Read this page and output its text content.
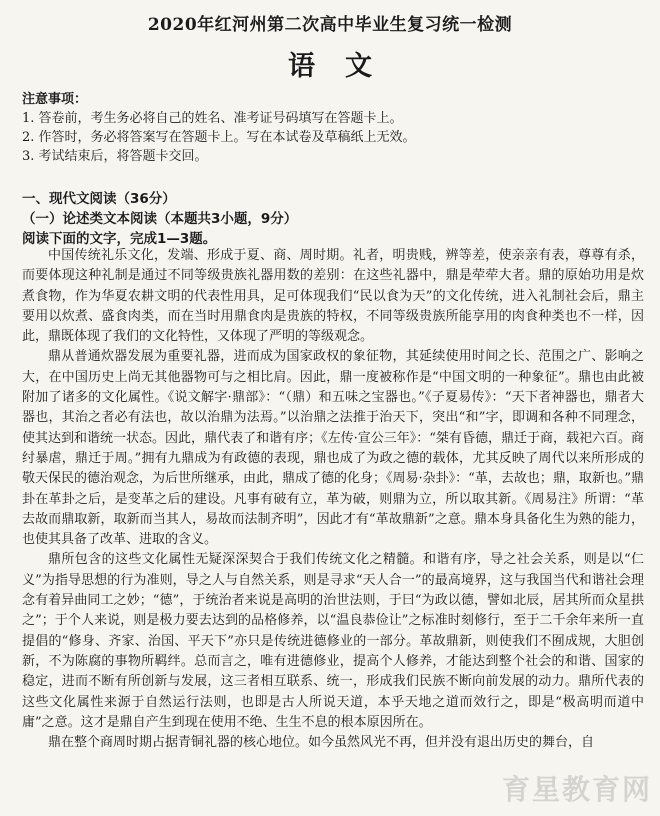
2020年红河州第二次高中毕业生复习统一检测
语文
注意事项：
1. 答卷前，考生务必将自己的姓名、准考证号码填写在答题卡上。
2. 作答时，务必将答案写在答题卡上。写在本试卷及草稿纸上无效。
3. 考试结束后，将答题卡交回。
一、现代文阅读（36分）
（一）论述类文本阅读（本题共3小题，9分）
阅读下面的文字，完成1—3题。

中国传统礼乐文化，发端、形成于夏、商、周时期。礼者，明贵贱，辨等差，使亲亲有表，尊尊有杀，而要体现这种礼制是通过不同等级贵族礼器用数的差别：在这些礼器中，鼎是荦荦大者。鼎的原始功用是炊煮食物，作为华夏农耕文明的代表性用具，足可体现我们“民以食为天”的文化传统，进入礼制社会后，鼎主要用以炊煮、盛食肉类，而在当时用鼎食肉是贵族的特权，不同等级贵族所能享用的肉食种类也不一样，因此，鼎既体现了我们的文化特性，又体现了严明的等级观念。

鼎从普通炊器发展为重要礼器，进而成为国家政权的象征物，其延续使用时间之长、范围之广、影响之大，在中国历史上尚无其他器物可与之相比肩。因此，鼎一度被称作是“中国文明的一种象征”。鼎也由此被附加了诸多的文化属性。《说文解字·鼎部》：“（鼎）和五味之宝器也。”《子夏易传》：“天下者神器也，鼎者大器也，其治之者必有法也，故以治鼎为法焉。”以治鼎之法推于治天下，突出“和”字，即调和各种不同理念，使其达到和谐统一状态。因此，鼎代表了和谐有序；《左传·宣公三年》：“桀有昏德，鼎迁于商，载祀六百。商纣暴虐，鼎迁于周。”拥有九鼎成为有政德的表现，鼎也成了为政之德的载体，尤其反映了周代以来所形成的敬天保民的德治观念，为后世所继承，由此，鼎成了德的化身；《周易·杂卦》：“革，去故也；鼎，取新也。”鼎卦在革卦之后，是变革之后的建设。凡事有破有立，革为破，则鼎为立，所以取其新。《周易注》所谓：“革去故而鼎取新，取新而当其人，易故而法制齐明”，因此才有“革故鼎新”之意。鼎本身具备化生为熟的能力，也使其具备了改革、进取的含义。

鼎所包含的这些文化属性无疑深深契合于我们传统文化之精髓。和谐有序，导之社会关系，则是以“仁义”为指导思想的行为准则，导之人与自然关系，则是寻求“天人合一”的最高境界，这与我国当代和谐社会理念有着异曲同工之妙；“德”，于统治者来说是高明的治世法则，于曰“为政以德，譬如北辰，居其所而众星拱之”；于个人来说，则是极力要去达到的品格修养，以“温良恭俭让”之标准时刻修行，至于二千余年来所一直提倡的“修身、齐家、治国、平天下”亦只是传统进德修业的一部分。革故鼎新，则使我们不囿成规，大胆创新，不为陈腐的事物所羁绊。总而言之，唯有进德修业，提高个人修养，才能达到整个社会的和谐、国家的稳定，进而不断有所创新与发展，这三者相互联系、统一，形成我们民族不断向前发展的动力。鼎所代表的这些文化属性来源于自然运行法则，也即是古人所说天道，本乎天地之道而效行之，即是“极高明而道中庸”之意。这才是鼎自产生到现在使用不绝、生生不息的根本原因所在。

鼎在整个商周时期占据青铜礼器的核心地位。如今虽然风光不再，但并没有退出历史的舞台，自

育星教育网
